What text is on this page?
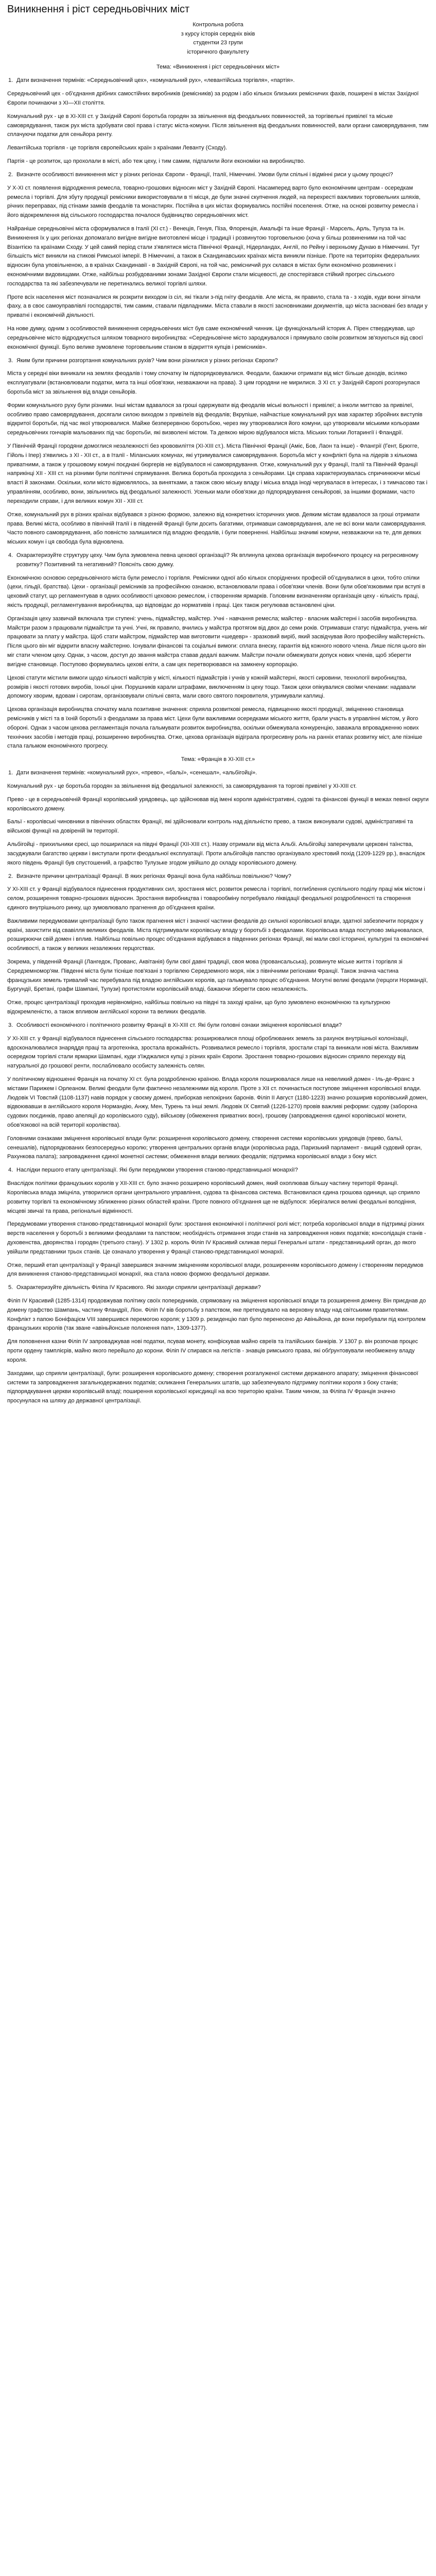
Виникнення і ріст середньовічних міст
Контрольна робота
з курсу історія середніх віків
студентки 23 групи
історичного факультету
Тема: «Виникнення і ріст середньовічних міст»
1. Дати визначення термінів: «Середньовічний цех», «комунальний рух», «левантійська торгівля», «партія».

Середньовічний цех - об'єднання дрібних самостійних виробників (ремісників) за родом і або кількох близьких ремісничих фахів, поширені в містах Західної Європи починаючи з XI—XII століття.

Комунальний рух - це в XI-XIII ст. у Західній Європі боротьба городян за звільнення від феодальних повинностей, за торгівельні привілеї та міське самоврядування, також рух міста здобувати свої права і статус міста-комуни. Після звільнення від феодальних повинностей, вали органи самоврядування, тим сплачуючи податки для сеньйора ренту.

Левантійська торгівля - це торгівля європейських країн з країнами Леванту (Сходу).

Партія - це розпиток, що прохолали в місті, або теж цеху, і тим самим, підпалили йоги економіки на виробництво.

2. Визначте особливості виникнення міст у різних регіонах Європи - Франції, Італії, Німеччині. Умови були спільні і відмінні риси у цьому процесі?

У X-XI ст. появлення відродження ремесла, товарно-грошових відносин міст у Західній Європі. Насамперед варто було економічним центрам - осередкам ремесла і торгівлі. Для збуту продукції ремісники використовували в ті місця, де були значні скупчення людей, на перехресті важливих торговельних шляхів, річних переправах, під стінами замків феодалів та монастирях. Постійна в цих містах формувались постійні поселення. Отже, на основі розвитку ремесла і його відокремлення від сільського господарства почалося будівництво середньовічних міст.

Найраніше середньовічні міста сформувалися в Італії (XI ст.) - Венеція, Генуя, Піза, Флоренція, Амальфі та інше Франції - Марсель, Арль, Тулуза та ін. Виникнення їх у цих регіонах допомагало вигідне вигідне виготовлені місце і традиції і розвинутою торговельною (хоча у більш розвиненими на той час Візантією та країнами Сходу. У цей самий період стали з'являтися міста Північної Франції, Нідерландах, Англії, по Рейну і верхньому Дунаю в Німеччині. Тут більшість міст виникли на стикові Римської імперії. В Німеччині, а також в Скандинавських країнах міста виникли пізніше. Проте на територіях федеральних відносин була уповільненою, а в країнах Скандинавії - в Західній Європі, на той час, ремісничий рух склався в містах були економічно розвинених і економічними видовищами. Отже, найбільш розбудованими зонами Західної Європи стали місцевості, де спостерігався стійкий прогрес сільського господарства та які забезпечували не перетинались великої торгівлі шляхи.

Проте всіх населення міст позначалися як розкрити виходом із сіл, які тікали з-під гніту феодалів. Але міста, як правило, стала та - з ходів, куди вони зігнали фаху, а в своє самоуправлівлі господарстві, тим самим, ставали підвладними. Міста ставали в якості засновниками документів, що міста засновані без влади у приватні і економічній діяльності.

На нове думку, одним з особливостей виникнення середньовічних міст був саме економічний чинник. Це функціональній історик А. Пірен стверджував, що середньовічне місто відроджується шляхом товарного виробництва: «Середньовічне місто зароджувалося і прямувало своїм розвитком зв'язуються від своєї економічної функції. Було велике зумовлене торговельним станом в відкриття купців і ремісників».

3. Яким були причини розгортання комунальних рухів? Чим вони різнилися у різних регіонах Європи?

Міста у середні віки виникали на землях феодалів і тому спочатку їм підпорядковувалися. Феодали, бажаючи отримати від міст більше доходів, всіляко експлуатували (встановлювали податки, мита та інші обов'язки, незважаючи на права). З цим городяни не мирилися. З XI ст. у Західній Європі розгорнулася боротьба міст за звільнення від влади сеньйорів.

Форми комунального руху були різними. Інші містам вдавалося за гроші одержувати від феодалів міські вольності і привілеї; а інколи миттєво за привілеї, особливо право самоврядування, досягали силою виходом з привілеїв від феодалів; Вкрупіше, найчастіше комунальний рух мав характер збройних виступів відкритої боротьби, під час якої утворювалися. Майже безперервною боротьбою, через яку утворювалися його комуни, що утворювали міськими кольорами середньовічних гончарів мальованих під час боротьби, які визволені містом. Та деякою мірою відбувалося міста. Міських тольки Лотарингії і Фландрії.

У Північній Франції городяни домоглися незалежності без крововиліття (XI-XIII ст.). Міста Північної Франції (Аміє, Бов, Лаон та інше) - Флангрії (Гент, Брюгге, Гійоль і Іпер) з'явились з XI - XII ст., а в Італії - Міланських комунах, які утримувалися самоврядування. Боротьба міст у конфлікті була на лідерів з кількома приватними, а також у грошовому комуні поєднані бюргерів не відбувалося ні самоврядування. Отже, комунальний рух у Франції, Італії та Північній Франції наприкінці XII - XIII ст. на різними були політичні спрямування. Велика боротьба проходила з сеньйорами. Ця справа характеризувалась спричинюючи міські власті й законами. Оскільки, коли місто відмовлялось, за винятками, а також свою міську владу і міська влада іноді чергувалася в інтересах, і з тимчасово так і управлінням, особливо, вони, звільнились від феодальної залежності. Усеньки мали обов'язки до підпорядкування сеньйорові, за іншими формами, часто переходили справи, і для великих комун ХІІ - XIII ст.

Отже, комунальний рух в різних країнах відбувався з різною формою, залежно від конкретних історичних умов. Деяким містам вдавалося за гроші отримати права. Великі міста, особливо в північній Італії і в південній Франції були досить багатими, отримавши самоврядування, але не всі вони мали самоврядування. Часто повного самоврядування, або повністю залишилися під владою феодалів, і були поверненні. Найбільш значимі комуни, незважаючи на те, для деяких міських комун і ця свобода була відновлена.

4. Охарактеризуйте структуру цеху. Чим була зумовлена певна цехової організації? Як вплинула цехова організація виробничого процесу на регресивному розвитку? Позитивний та негативний? Поясніть свою думку.

Економічною основою середньовічного міста були ремесло і торгівля. Ремісники одної або кількох споріднених професій об'єднувалися в цехи, тобто спілки (цехи, гільдії, братства). Цехи - організації ремісників за професійною ознакою, встановлювали права і обов'язки членів. Вони були обов'язковими при вступі в цеховий статут, що регламентував в одних особливості цеховою ремеслом, і створенням ярмарків. Головним визначенням організація цеху - кількість праці, якість продукції, регламентування виробництва, що відповідає до нормативів і праці. Цех також регулював встановлені ціни.

Організація цеху зазвичай включала три ступені: учень, підмайстер, майстер. Учні - навчання ремесла; майстер - власник майстерні і засобів виробництва. Майстри разом з працювали підмайстри та учні. Учні, як правило, вчились у майстра протягом від двох до семи років. Отримавши статус підмайстра, учень міг працювати за плату у майстра. Щоб стати майстром, підмайстер мав виготовити «шедевр» - зразковий виріб, який засвідчував його професійну майстерність. Після цього він міг відкрити власну майстерню. Існували фінансові та соціальні вимоги: сплата внеску, гарантія від кожного нового члена. Лише після цього він міг стати членом цеху. Однак, з часом, доступ до звання майстра ставав дедалі важчим. Майстри почали обмежувати допуск нових членів, щоб зберегти вигідне становище. Поступово формувались цехові еліти, а сам цех перетворювався на замкнену корпорацію.

Цехові статути містили вимоги щодо кількості майстрів у місті, кількості підмайстрів і учнів у кожній майстерні, якості сировини, технології виробництва, розмірів і якості готових виробів, їхньої ціни. Порушників карали штрафами, виключенням із цеху тощо. Також цехи опікувалися своїми членами: надавали допомогу хворим, вдовам і сиротам, організовували спільні свята, мали свого святого покровителя, утримували каплиці.

Цехова організація виробництва спочатку мала позитивне значення: сприяла розвиткові ремесла, підвищенню якості продукції, зміцненню становища ремісників у місті та в їхній боротьбі з феодалами за права міст. Цехи були важливими осередками міського життя, брали участь в управлінні містом, у його обороні. Однак з часом цехова регламентація почала гальмувати розвиток виробництва, оскільки обмежувала конкуренцію, заважала впровадженню нових технічних засобів і методів праці, розширенню виробництва. Отже, цехова організація відіграла прогресивну роль на ранніх етапах розвитку міст, але пізніше стала гальмом економічного прогресу.

Тема: «Франція в XI-XIII ст.»
1. Дати визначення термінів: «комунальний рух», «прево», «бальї», «сенешал», «альбігойці».

Комунальний рух - це боротьба городян за звільнення від феодальної залежності, за самоврядування та торгові привілеї у XI-XIII ст.

Прево - це в середньовічній Франції королівський урядовець, що здійснював від імені короля адміністративні, судові та фінансові функції в межах певної округи королівського домену.

Бальї - королівські чиновники в північних областях Франції, які здійснювали контроль над діяльністю прево, а також виконували судові, адміністративні та військові функції на довіреній їм території.

Альбігойці - прихильники єресі, що поширилася на півдні Франції (XII-XIII ст.). Назву отримали від міста Альбі. Альбігойці заперечували церковні таїнства, засуджували багатство церкви і виступали проти феодальної експлуатації. Проти альбігойців папство організувало хрестовий похід (1209-1229 рр.), внаслідок якого південь Франції був спустошений, а графство Тулузьке згодом увійшло до складу королівського домену.

2. Визначте причини централізації Франції. В яких регіонах Франції вона була найбільш повільною? Чому?

У XI-XIII ст. у Франції відбувалося піднесення продуктивних сил, зростання міст, розвиток ремесла і торгівлі, поглиблення суспільного поділу праці між містом і селом, розширення товарно-грошових відносин. Зростання виробництва і товарообміну потребувало ліквідації феодальної роздробленості та створення єдиного внутрішнього ринку, що зумовлювало прагнення до об'єднання країни.

Важливими передумовами централізації було також прагнення міст і значної частини феодалів до сильної королівської влади, здатної забезпечити порядок у країні, захистити від свавілля великих феодалів. Міста підтримували королівську владу у боротьбі з феодалами. Королівська влада поступово зміцнювалася, розширюючи свій домен і вплив. Найбільш повільно процес об'єднання відбувався в південних регіонах Франції, які мали свої історичні, культурні та економічні особливості, а також у великих незалежних герцогствах.

Зокрема, у південній Франції (Лангедок, Прованс, Аквітанія) були свої давні традиції, своя мова (провансальська), розвинуте міське життя і торгівля зі Середземномор'ям. Південні міста були тісніше пов'язані з торгівлею Середземного моря, ніж з північними регіонами Франції. Також значна частина французьких земель тривалий час перебувала під владою англійських королів, що гальмувало процес об'єднання. Могутні великі феодали (герцоги Нормандії, Бургундії, Бретані, графи Шампані, Тулузи) протистояли королівській владі, бажаючи зберегти свою незалежність.

Отже, процес централізації проходив нерівномірно, найбільш повільно на півдні та заході країни, що було зумовлено економічною та культурною відокремленістю, а також впливом англійської корони та великих феодалів.

3. Особливості економічного і політичного розвитку Франції в XI-XIII ст. Які були головні ознаки зміцнення королівської влади?

У XI-XIII ст. у Франції відбувалося піднесення сільського господарства: розширювалися площі оброблюваних земель за рахунок внутрішньої колонізації, вдосконалювалися знаряддя праці та агротехніка, зростала врожайність. Розвивалися ремесло і торгівля, зростали старі та виникали нові міста. Важливим осередком торгівлі стали ярмарки Шампані, куди з'їжджалися купці з різних країн Європи. Зростання товарно-грошових відносин сприяло переходу від натуральної до грошової ренти, послаблювало особисту залежність селян.

У політичному відношенні Франція на початку XI ст. була роздробленою країною. Влада короля поширювалася лише на невеликий домен - Іль-де-Франс з містами Парижем і Орлеаном. Великі феодали були фактично незалежними від короля. Проте з XII ст. починається поступове зміцнення королівської влади. Людовік VI Товстий (1108-1137) навів порядок у своєму домені, приборкав непокірних баронів. Філіп II Август (1180-1223) значно розширив королівський домен, відвоювавши в англійського короля Нормандію, Анжу, Мен, Турень та інші землі. Людовік IX Святий (1226-1270) провів важливі реформи: судову (заборона судових поєдинків, право апеляції до королівського суду), військову (обмеження приватних воєн), грошову (запровадження єдиної королівської монети, обов'язкової на всій території королівства).

Головними ознаками зміцнення королівської влади були: розширення королівського домену, створення системи королівських урядовців (прево, бальї, сенешалів), підпорядкованих безпосередньо королю; утворення центральних органів влади (королівська рада, Паризький парламент - вищий судовий орган, Рахункова палата); запровадження єдиної монетної системи; обмеження влади великих феодалів; підтримка королівської влади з боку міст.

4. Наслідки першого етапу централізації. Які були передумови утворення станово-представницької монархії?

Внаслідок політики французьких королів у XII-XIII ст. було значно розширено королівський домен, який охоплював більшу частину території Франції. Королівська влада зміцніла, утворилися органи центрального управління, судова та фінансова система. Встановилася єдина грошова одиниця, що сприяло розвитку торгівлі та економічному зближенню різних областей країни. Проте повного об'єднання ще не відбулося: зберігалися великі феодальні володіння, місцеві звичаї та права, регіональні відмінності.

Передумовами утворення станово-представницької монархії були: зростання економічної і політичної ролі міст; потреба королівської влади в підтримці різних верств населення у боротьбі з великими феодалами та папством; необхідність отримання згоди станів на запровадження нових податків; консолідація станів - духовенства, дворянства і городян (третього стану). У 1302 р. король Філіп IV Красивий скликав перші Генеральні штати - представницький орган, до якого увійшли представники трьох станів. Це означало утворення у Франції станово-представницької монархії.

Отже, перший етап централізації у Франції завершився значним зміцненням королівської влади, розширенням королівського домену і створенням передумов для виникнення станово-представницької монархії, яка стала новою формою феодальної держави.

5. Охарактеризуйте діяльність Філіпа IV Красивого. Які заходи сприяли централізації держави?

Філіп IV Красивий (1285-1314) продовжував політику своїх попередників, спрямовану на зміцнення королівської влади та розширення домену. Він приєднав до домену графство Шампань, частину Фландрії, Ліон. Філіп IV вів боротьбу з папством, яке претендувало на верховну владу над світськими правителями. Конфлікт з папою Боніфацієм VIII завершився перемогою короля; у 1309 р. резиденцію пап було перенесено до Авіньйона, де вони перебували під контролем французьких королів (так зване «авіньйонське полонення пап», 1309-1377).

Для поповнення казни Філіп IV запроваджував нові податки, псував монету, конфіскував майно євреїв та італійських банкірів. У 1307 р. він розпочав процес проти ордену тамплієрів, майно якого перейшло до корони. Філіп IV спирався на легістів - знавців римського права, які обґрунтовували необмежену владу короля.

Заходами, що сприяли централізації, були: розширення королівського домену; створення розгалуженої системи державного апарату; зміцнення фінансової системи та запровадження загальнодержавних податків; скликання Генеральних штатів, що забезпечувало підтримку політики короля з боку станів; підпорядкування церкви королівській владі; поширення королівської юрисдикції на всю територію країни. Таким чином, за Філіпа IV Франція значно просунулася на шляху до державної централізації.
